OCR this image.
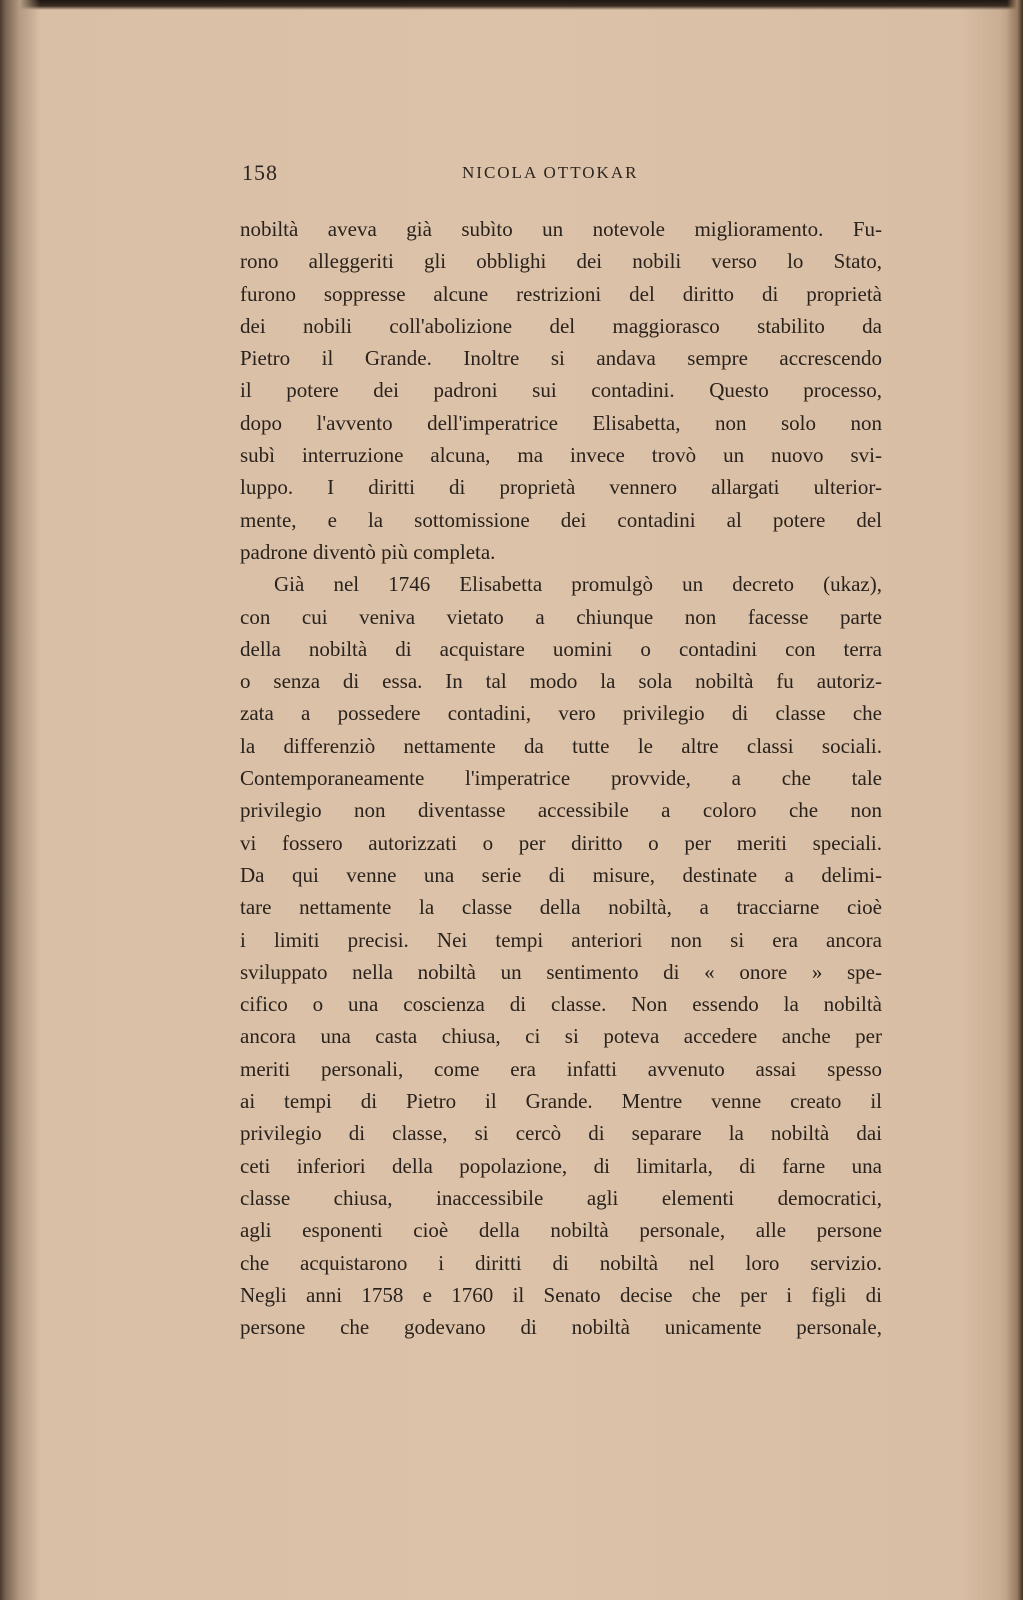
158	NICOLA OTTOKAR
nobiltà aveva già subìto un notevole miglioramento. Fu-
rono alleggeriti gli obblighi dei nobili verso lo Stato,
furono soppresse alcune restrizioni del diritto di proprietà
dei nobili coll'abolizione del maggiorasco stabilito da
Pietro il Grande. Inoltre si andava sempre accrescendo
il potere dei padroni sui contadini. Questo processo,
dopo l'avvento dell'imperatrice Elisabetta, non solo non
subì interruzione alcuna, ma invece trovò un nuovo svi-
luppo. I diritti di proprietà vennero allargati ulterior-
mente, e la sottomissione dei contadini al potere del
padrone diventò più completa.
Già nel 1746 Elisabetta promulgò un decreto (ukaz),
con cui veniva vietato a chiunque non facesse parte
della nobiltà di acquistare uomini o contadini con terra
o senza di essa. In tal modo la sola nobiltà fu autoriz-
zata a possedere contadini, vero privilegio di classe che
la differenziò nettamente da tutte le altre classi sociali.
Contemporaneamente l'imperatrice provvide, a che tale
privilegio non diventasse accessibile a coloro che non
vi fossero autorizzati o per diritto o per meriti speciali.
Da qui venne una serie di misure, destinate a delimi-
tare nettamente la classe della nobiltà, a tracciarne cioè
i limiti precisi. Nei tempi anteriori non si era ancora
sviluppato nella nobiltà un sentimento di « onore » spe-
cifico o una coscienza di classe. Non essendo la nobiltà
ancora una casta chiusa, ci si poteva accedere anche per
meriti personali, come era infatti avvenuto assai spesso
ai tempi di Pietro il Grande. Mentre venne creato il
privilegio di classe, si cercò di separare la nobiltà dai
ceti inferiori della popolazione, di limitarla, di farne una
classe chiusa, inaccessibile agli elementi democratici,
agli esponenti cioè della nobiltà personale, alle persone
che acquistarono i diritti di nobiltà nel loro servizio.
Negli anni 1758 e 1760 il Senato decise che per i figli di
persone che godevano di nobiltà unicamente personale,
